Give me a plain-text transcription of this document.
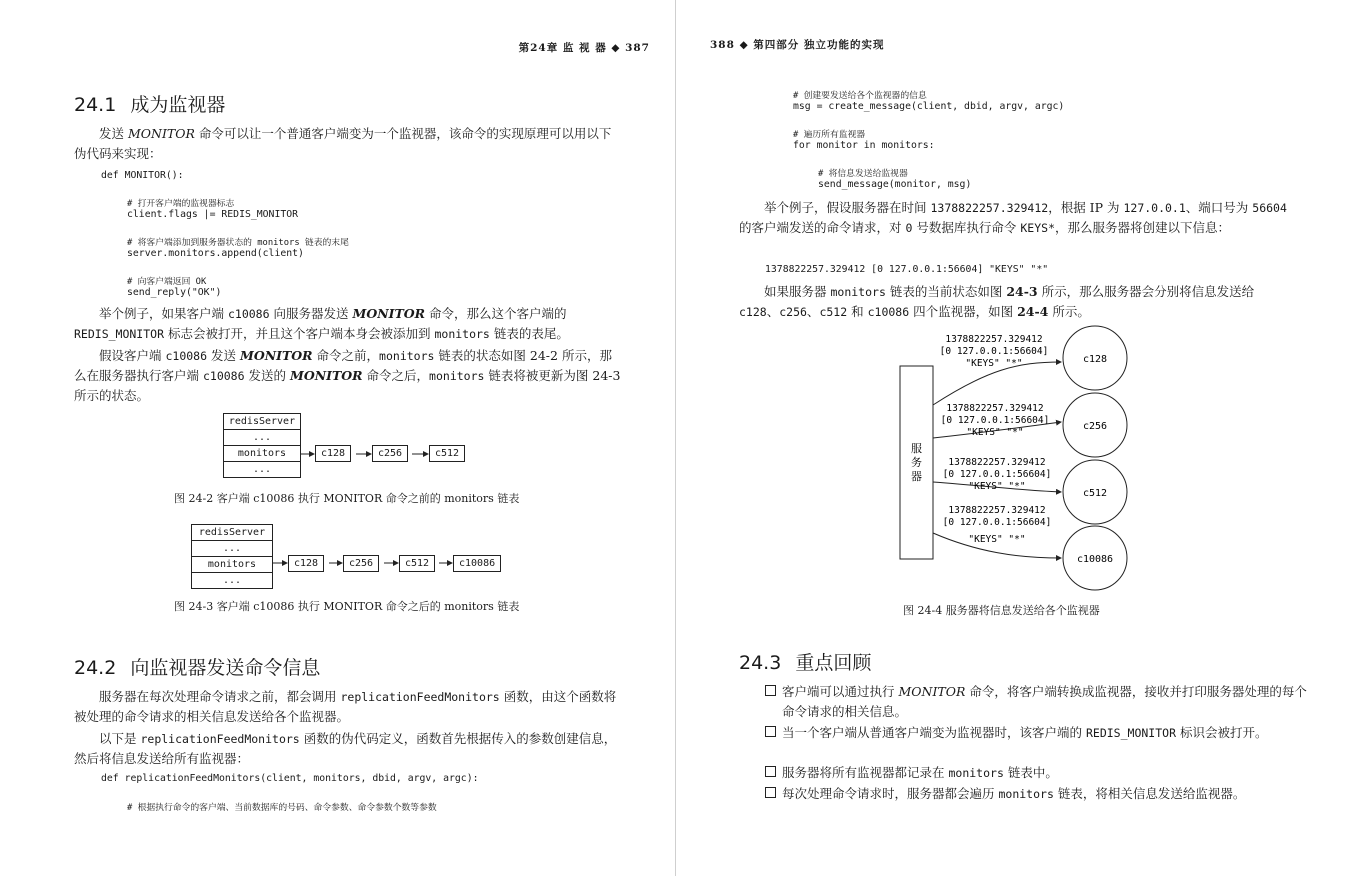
第24章 监 视 器 ◆ 387
24.1 成为监视器
发送 MONITOR 命令可以让一个普通客户端变为一个监视器，该命令的实现原理可以用以下伪代码来实现：
def MONITOR():
# 打开客户端的监视器标志
client.flags |= REDIS_MONITOR
# 将客户端添加到服务器状态的 monitors 链表的末尾
server.monitors.append(client)
# 向客户端返回 OK
send_reply("OK")
举个例子，如果客户端 c10086 向服务器发送 MONITOR 命令，那么这个客户端的REDIS_MONITOR 标志会被打开，并且这个客户端本身会被添加到 monitors 链表的表尾。
假设客户端 c10086 发送 MONITOR 命令之前，monitors 链表的状态如图 24-2 所示，那么在服务器执行客户端 c10086 发送的 MONITOR 命令之后，monitors 链表将被更新为图 24-3 所示的状态。
redisServer
...
monitors
...
c128	c256	c512
图 24-2 客户端 c10086 执行 MONITOR 命令之前的 monitors 链表
redisServer
...
monitors
...
c128	c256	c512	c10086
图 24-3 客户端 c10086 执行 MONITOR 命令之后的 monitors 链表
24.2 向监视器发送命令信息
服务器在每次处理命令请求之前，都会调用 replicationFeedMonitors 函数，由这个函数将被处理的命令请求的相关信息发送给各个监视器。
以下是 replicationFeedMonitors 函数的伪代码定义，函数首先根据传入的参数创建信息，然后将信息发送给所有监视器：
def replicationFeedMonitors(client, monitors, dbid, argv, argc):
# 根据执行命令的客户端、当前数据库的号码、命令参数、命令参数个数等参数
388 ◆ 第四部分 独立功能的实现
# 创建要发送给各个监视器的信息
msg = create_message(client, dbid, argv, argc)
# 遍历所有监视器
for monitor in monitors:
# 将信息发送给监视器
send_message(monitor, msg)
举个例子，假设服务器在时间 1378822257.329412，根据 IP 为 127.0.0.1、端口号为 56604 的客户端发送的命令请求，对 0 号数据库执行命令 KEYS*，那么服务器将创建以下信息：
1378822257.329412 [0 127.0.0.1:56604] "KEYS" "*"
如果服务器 monitors 链表的当前状态如图 24-3 所示，那么服务器会分别将信息发送给 c128、c256、c512 和 c10086 四个监视器，如图 24-4 所示。
服
务
器
c128
c256
c512
c10086
1378822257.329412
[0 127.0.0.1:56604]
"KEYS" "*"
1378822257.329412
[0 127.0.0.1:56604]
"KEYS" "*"
1378822257.329412
[0 127.0.0.1:56604]
"KEYS" "*"
1378822257.329412
[0 127.0.0.1:56604]
"KEYS" "*"
图 24-4 服务器将信息发送给各个监视器
24.3 重点回顾
客户端可以通过执行 MONITOR 命令，将客户端转换成监视器，接收并打印服务器处理的每个命令请求的相关信息。
当一个客户端从普通客户端变为监视器时，该客户端的 REDIS_MONITOR 标识会被打开。
服务器将所有监视器都记录在 monitors 链表中。
每次处理命令请求时，服务器都会遍历 monitors 链表，将相关信息发送给监视器。
